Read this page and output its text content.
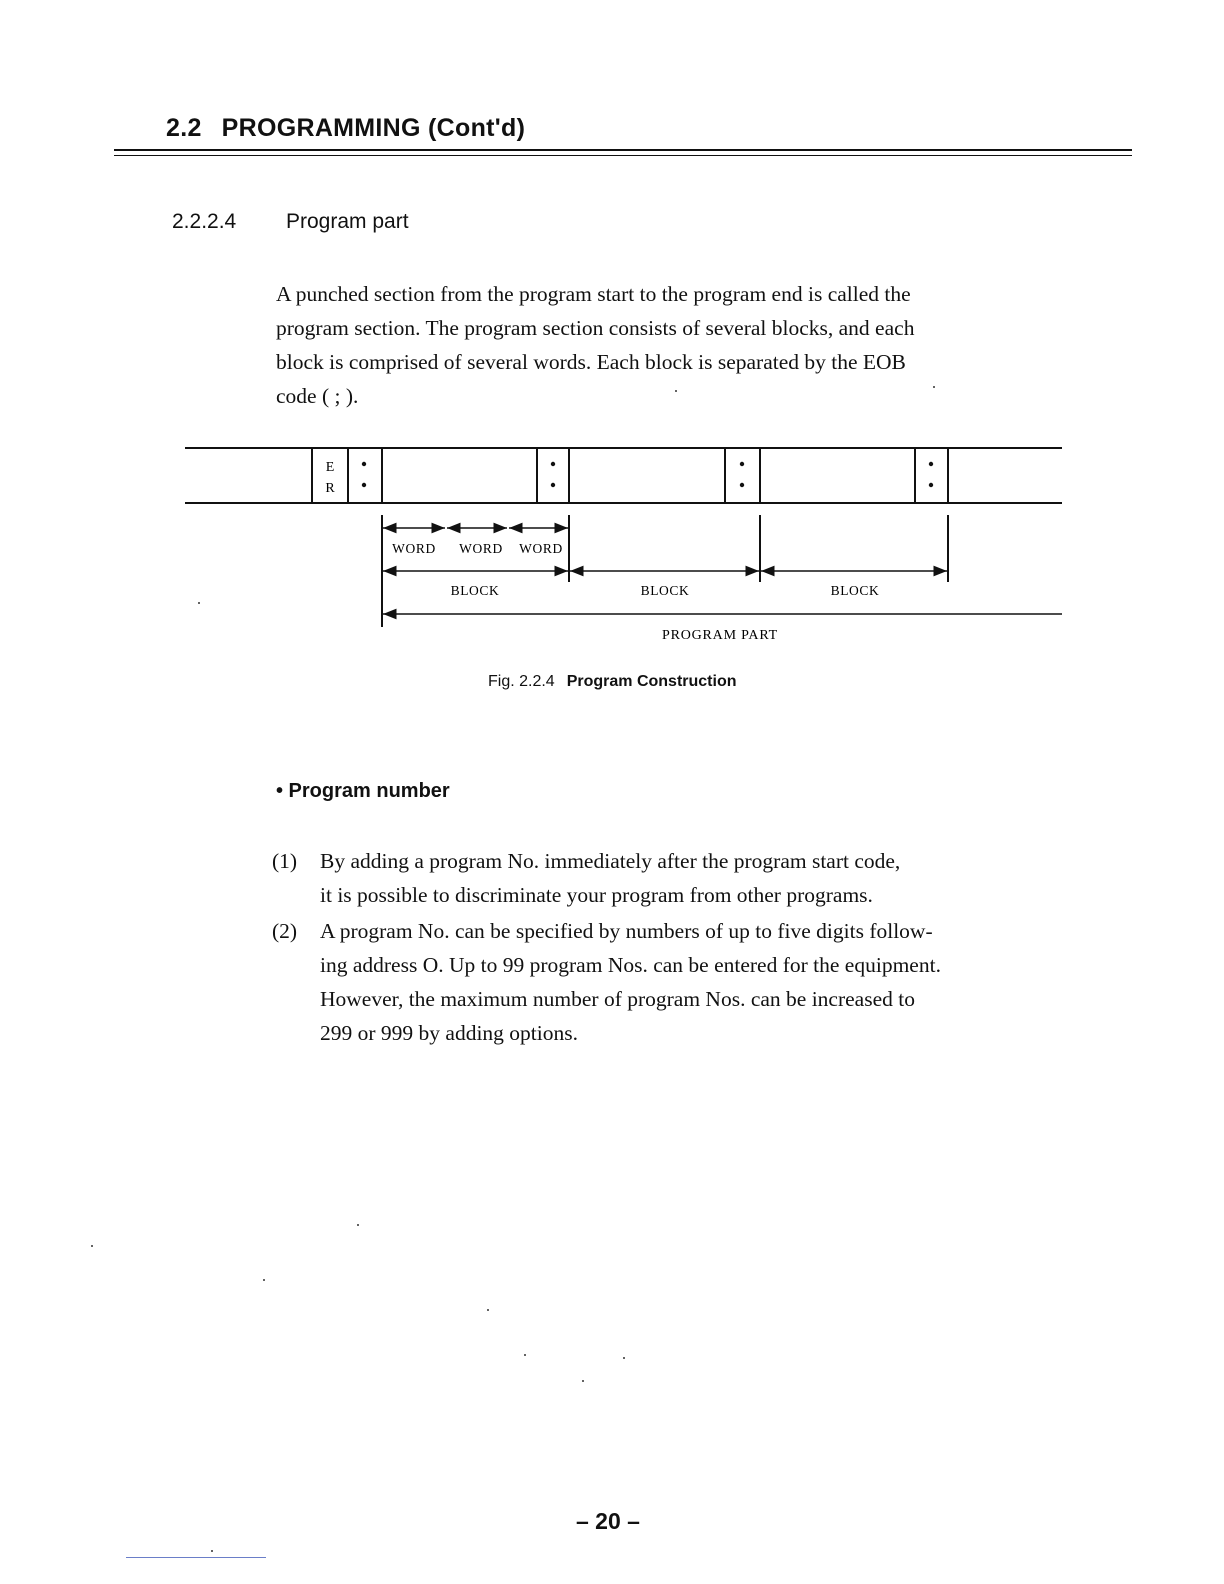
2.2 PROGRAMMING (Cont'd)
2.2.2.4 Program part
A punched section from the program start to the program end is called the
program section. The program section consists of several blocks, and each
block is comprised of several words. Each block is separated by the EOB
code ( ; ).
E
R
WORD WORD WORD
BLOCK	BLOCK	BLOCK
PROGRAM PART
Fig. 2.2.4 Program Construction
• Program number
(1) By adding a program No. immediately after the program start code,
it is possible to discriminate your program from other programs.
(2) A program No. can be specified by numbers of up to five digits follow-
ing address O. Up to 99 program Nos. can be entered for the equipment.
However, the maximum number of program Nos. can be increased to
299 or 999 by adding options.
– 20 –
